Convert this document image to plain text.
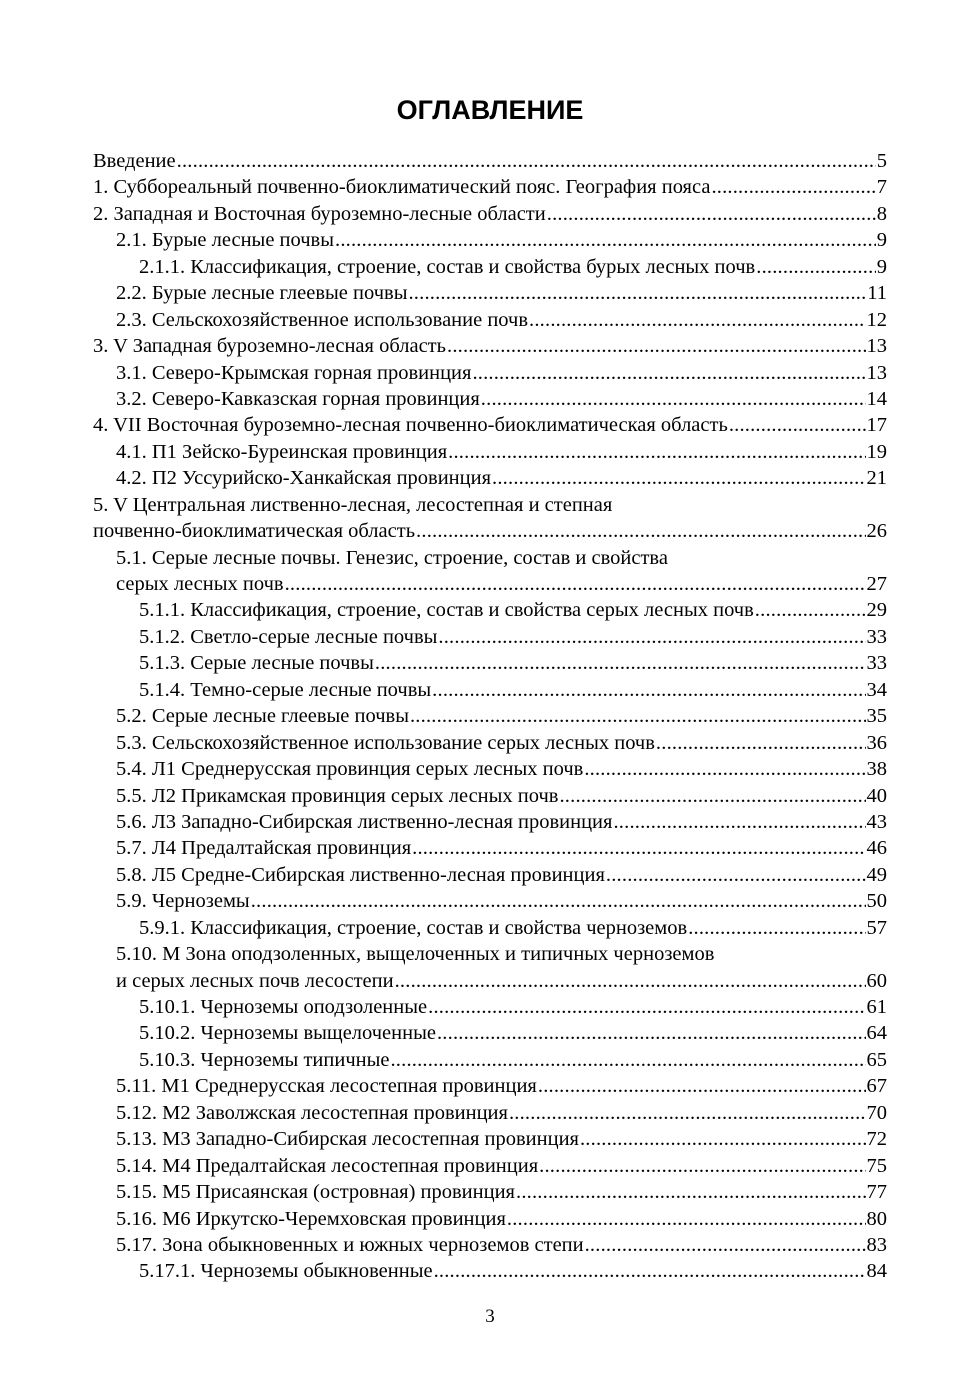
ОГЛАВЛЕНИЕ
Введение .....	5
1. Суббореальный почвенно-биоклиматический пояс. География пояса .....	7
2. Западная и Восточная буроземно-лесные области .....	8
2.1. Бурые лесные почвы .....	9
2.1.1. Классификация, строение, состав и свойства бурых лесных почв .....	9
2.2. Бурые лесные глеевые почвы .....	11
2.3. Сельскохозяйственное использование почв .....	12
3. V Западная буроземно-лесная область .....	13
3.1. Северо-Крымская горная провинция .....	13
3.2. Северо-Кавказская горная провинция .....	14
4. VII Восточная буроземно-лесная почвенно-биоклиматическая область .....	17
4.1. П1 Зейско-Буреинская провинция .....	19
4.2. П2 Уссурийско-Ханкайская провинция .....	21
5. V Центральная лиственно-лесная, лесостепная и степная
почвенно-биоклиматическая область .....	26
5.1. Серые лесные почвы. Генезис, строение, состав и свойства
серых лесных почв .....	27
5.1.1. Классификация, строение, состав и свойства серых лесных почв .....	29
5.1.2. Светло-серые лесные почвы .....	33
5.1.3. Серые лесные почвы .....	33
5.1.4. Темно-серые лесные почвы .....	34
5.2. Серые лесные глеевые почвы .....	35
5.3. Сельскохозяйственное использование серых лесных почв .....	36
5.4. Л1 Среднерусская провинция серых лесных почв .....	38
5.5. Л2 Прикамская провинция серых лесных почв .....	40
5.6. Л3 Западно-Сибирская лиственно-лесная провинция .....	43
5.7. Л4 Предалтайская провинция .....	46
5.8. Л5 Средне-Сибирская лиственно-лесная провинция .....	49
5.9. Черноземы .....	50
5.9.1. Классификация, строение, состав и свойства черноземов .....	57
5.10. М Зона оподзоленных, выщелоченных и типичных черноземов
и серых лесных почв лесостепи .....	60
5.10.1. Черноземы оподзоленные .....	61
5.10.2. Черноземы выщелоченные .....	64
5.10.3. Черноземы типичные .....	65
5.11. М1 Среднерусская лесостепная провинция .....	67
5.12. М2 Заволжская лесостепная провинция .....	70
5.13. М3 Западно-Сибирская лесостепная провинция .....	72
5.14. М4 Предалтайская лесостепная провинция .....	75
5.15. М5 Присаянская (островная) провинция .....	77
5.16. М6 Иркутско-Черемховская провинция .....	80
5.17. Зона обыкновенных и южных черноземов степи .....	83
5.17.1. Черноземы обыкновенные .....	84
3
